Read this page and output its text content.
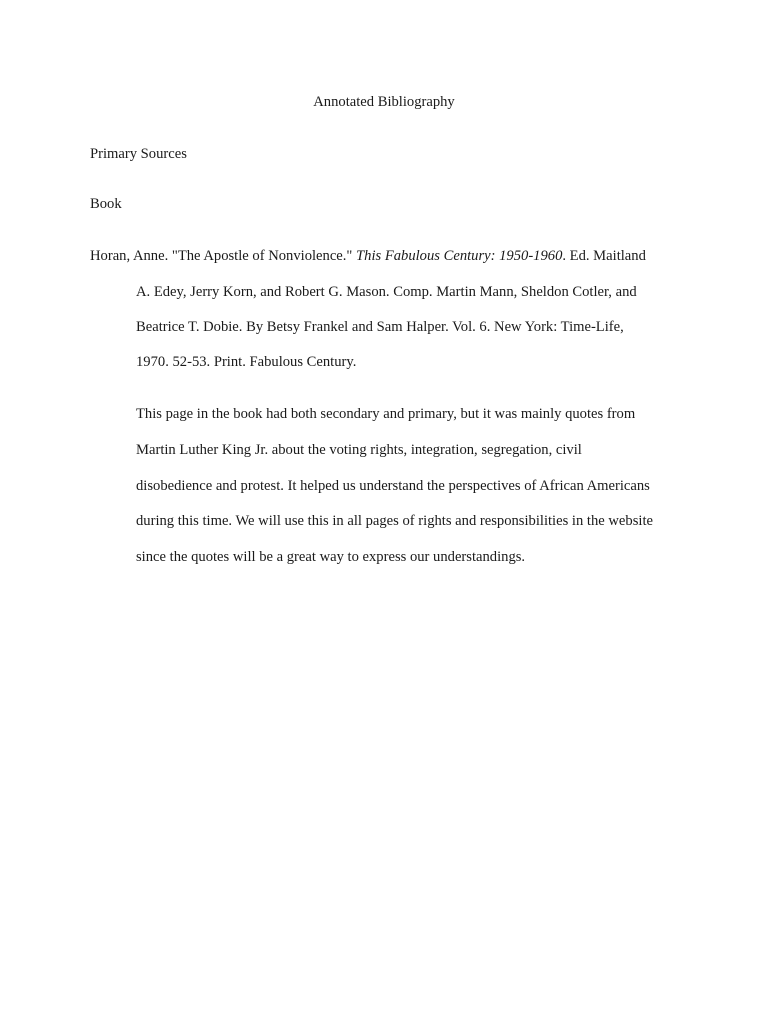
Annotated Bibliography
Primary Sources
Book
Horan, Anne. "The Apostle of Nonviolence." This Fabulous Century: 1950-1960. Ed. Maitland
A. Edey, Jerry Korn, and Robert G. Mason. Comp. Martin Mann, Sheldon Cotler, and
Beatrice T. Dobie. By Betsy Frankel and Sam Halper. Vol. 6. New York: Time-Life,
1970. 52-53. Print. Fabulous Century.
This page in the book had both secondary and primary, but it was mainly quotes from
Martin Luther King Jr. about the voting rights, integration, segregation, civil
disobedience and protest. It helped us understand the perspectives of African Americans
during this time. We will use this in all pages of rights and responsibilities in the website
since the quotes will be a great way to express our understandings.
